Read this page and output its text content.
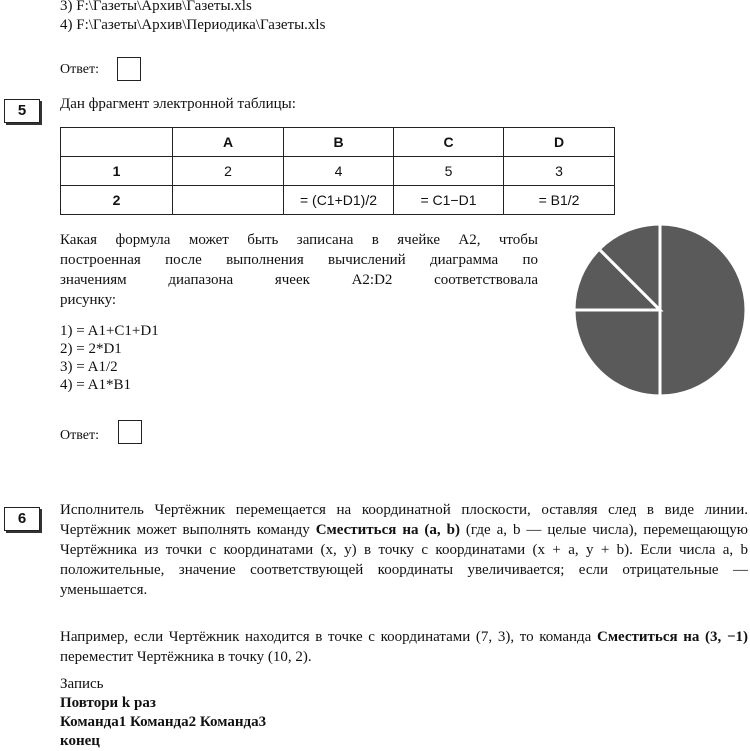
3) F:\Газеты\Архив\Газеты.xls
4) F:\Газеты\Архив\Периодика\Газеты.xls
Ответ:
5	Дан фрагмент электронной таблицы:
	A	B	C	D
1	2	4	5	3
2		= (C1+D1)/2	= C1−D1	= B1/2
Какая формула может быть записана в ячейке A2, чтобы
построенная после выполнения вычислений диаграмма по
значениям диапазона ячеек A2:D2 соответствовала
рисунку:
1) = A1+C1+D1
2) = 2*D1
3) = A1/2
4) = A1*B1
Ответ:
6	Исполнитель Чертёжник перемещается на координатной плоскости, оставляя след в виде линии. Чертёжник может выполнять команду Сместиться на (a, b) (где a, b — целые числа), перемещающую Чертёжника из точки с координатами (x, y) в точку с координатами (x + a, y + b). Если числа a, b положительные, значение соответствующей координаты увеличивается; если отрицательные — уменьшается.
Например, если Чертёжник находится в точке с координатами (7, 3), то команда Сместиться на (3, −1) переместит Чертёжника в точку (10, 2).
Запись
Повтори k раз
Команда1 Команда2 Команда3
конец
